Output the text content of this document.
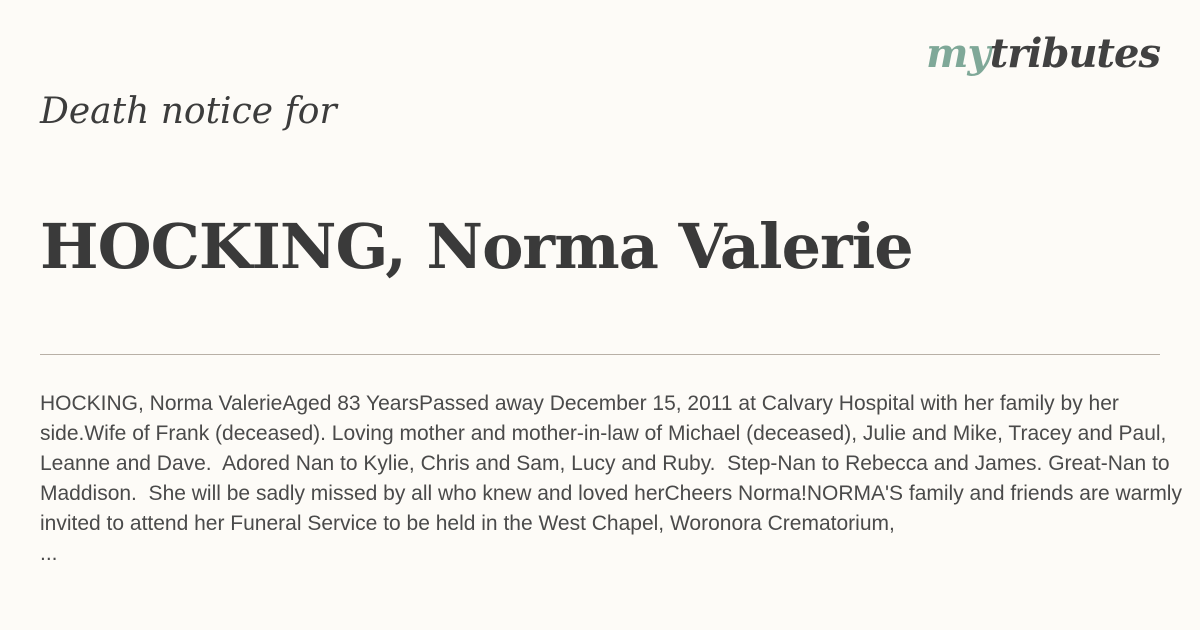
mytributes
Death notice for
HOCKING, Norma Valerie

HOCKING, Norma ValerieAged 83 YearsPassed away December 15, 2011 at Calvary Hospital with her family by her side.Wife of Frank (deceased). Loving mother and mother-in-law of Michael (deceased), Julie and Mike, Tracey and Paul, Leanne and Dave.  Adored Nan to Kylie, Chris and Sam, Lucy and Ruby.  Step-Nan to Rebecca and James. Great-Nan to Maddison.  She will be sadly missed by all who knew and loved herCheers Norma!NORMA'S family and friends are warmly invited to attend her Funeral Service to be held in the West Chapel, Woronora Crematorium,

...
